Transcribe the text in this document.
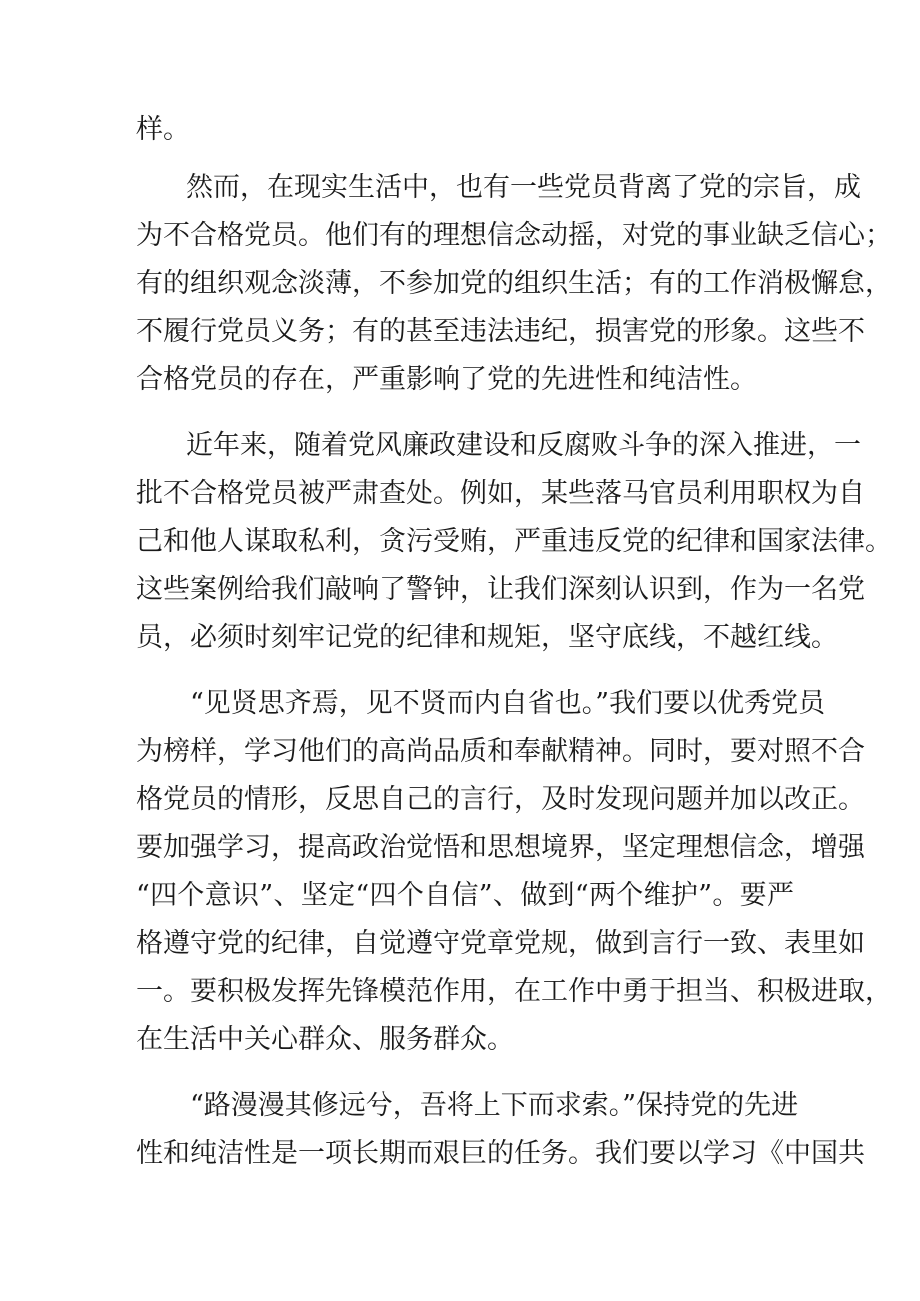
样。
然而，在现实生活中，也有一些党员背离了党的宗旨，成
为不合格党员。他们有的理想信念动摇，对党的事业缺乏信心；
有的组织观念淡薄，不参加党的组织生活；有的工作消极懈怠，
不履行党员义务；有的甚至违法违纪，损害党的形象。这些不
合格党员的存在，严重影响了党的先进性和纯洁性。
近年来，随着党风廉政建设和反腐败斗争的深入推进，一
批不合格党员被严肃查处。例如，某些落马官员利用职权为自
己和他人谋取私利，贪污受贿，严重违反党的纪律和国家法律。
这些案例给我们敲响了警钟，让我们深刻认识到，作为一名党
员，必须时刻牢记党的纪律和规矩，坚守底线，不越红线。
“见贤思齐焉，见不贤而内自省也。”我们要以优秀党员
为榜样，学习他们的高尚品质和奉献精神。同时，要对照不合
格党员的情形，反思自己的言行，及时发现问题并加以改正。
要加强学习，提高政治觉悟和思想境界，坚定理想信念，增强
“四个意识”、坚定“四个自信”、做到“两个维护”。要严
格遵守党的纪律，自觉遵守党章党规，做到言行一致、表里如
一。要积极发挥先锋模范作用，在工作中勇于担当、积极进取，
在生活中关心群众、服务群众。
“路漫漫其修远兮，吾将上下而求索。”保持党的先进
性和纯洁性是一项长期而艰巨的任务。我们要以学习《中国共
